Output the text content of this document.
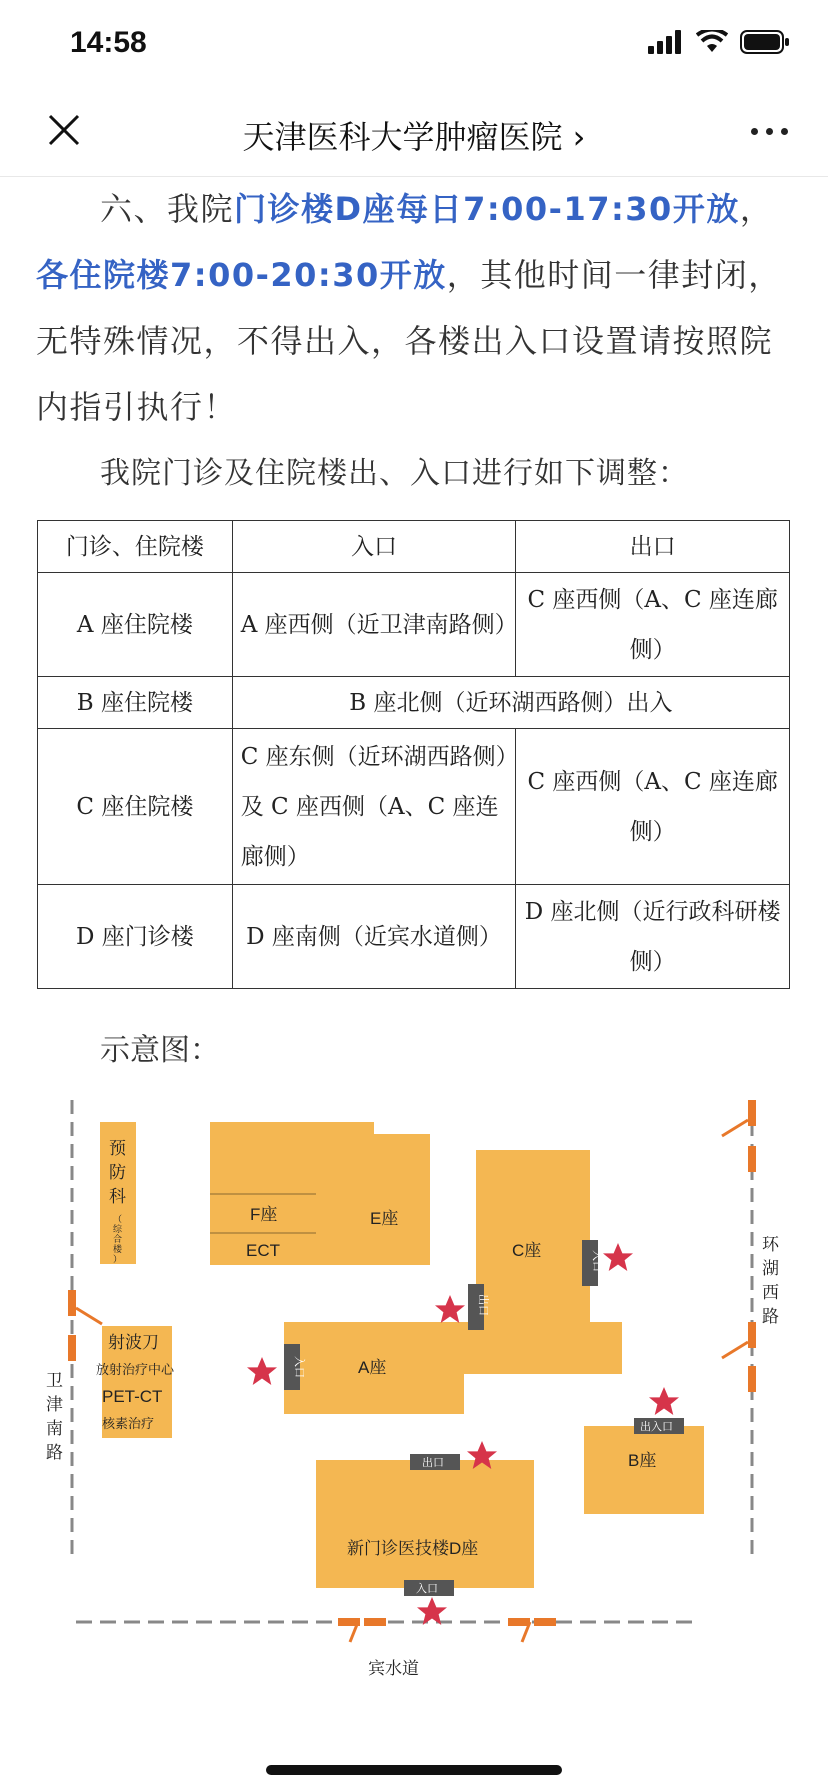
14:58
天津医科大学肿瘤医院 ›
六、我院门诊楼D座每日7:00-17:30开放，各住院楼7:00-20:30开放，其他时间一律封闭，无特殊情况，不得出入，各楼出入口设置请按照院内指引执行！
我院门诊及住院楼出、入口进行如下调整：
门诊、住院楼	入口	出口
A 座住院楼	A 座西侧（近卫津南路侧）	C 座西侧（A、C 座连廊侧）
B 座住院楼	B 座北侧（近环湖西路侧）出入	
C 座住院楼	C 座东侧（近环湖西路侧）及 C 座西侧（A、C 座连廊侧）	C 座西侧（A、C 座连廊侧）
D 座门诊楼	D 座南侧（近宾水道侧）	D 座北侧（近行政科研楼侧）
示意图：
卫 津 南 路
环 湖 西 路
宾水道
预 防 科
（ 综 合 楼 ）
F座
ECT
E座
C座
A座
射波刀
放射治疗中心
PET-CT
核素治疗
B座
新门诊医技楼D座
入口
出口
入口
出入口
出口
入口
